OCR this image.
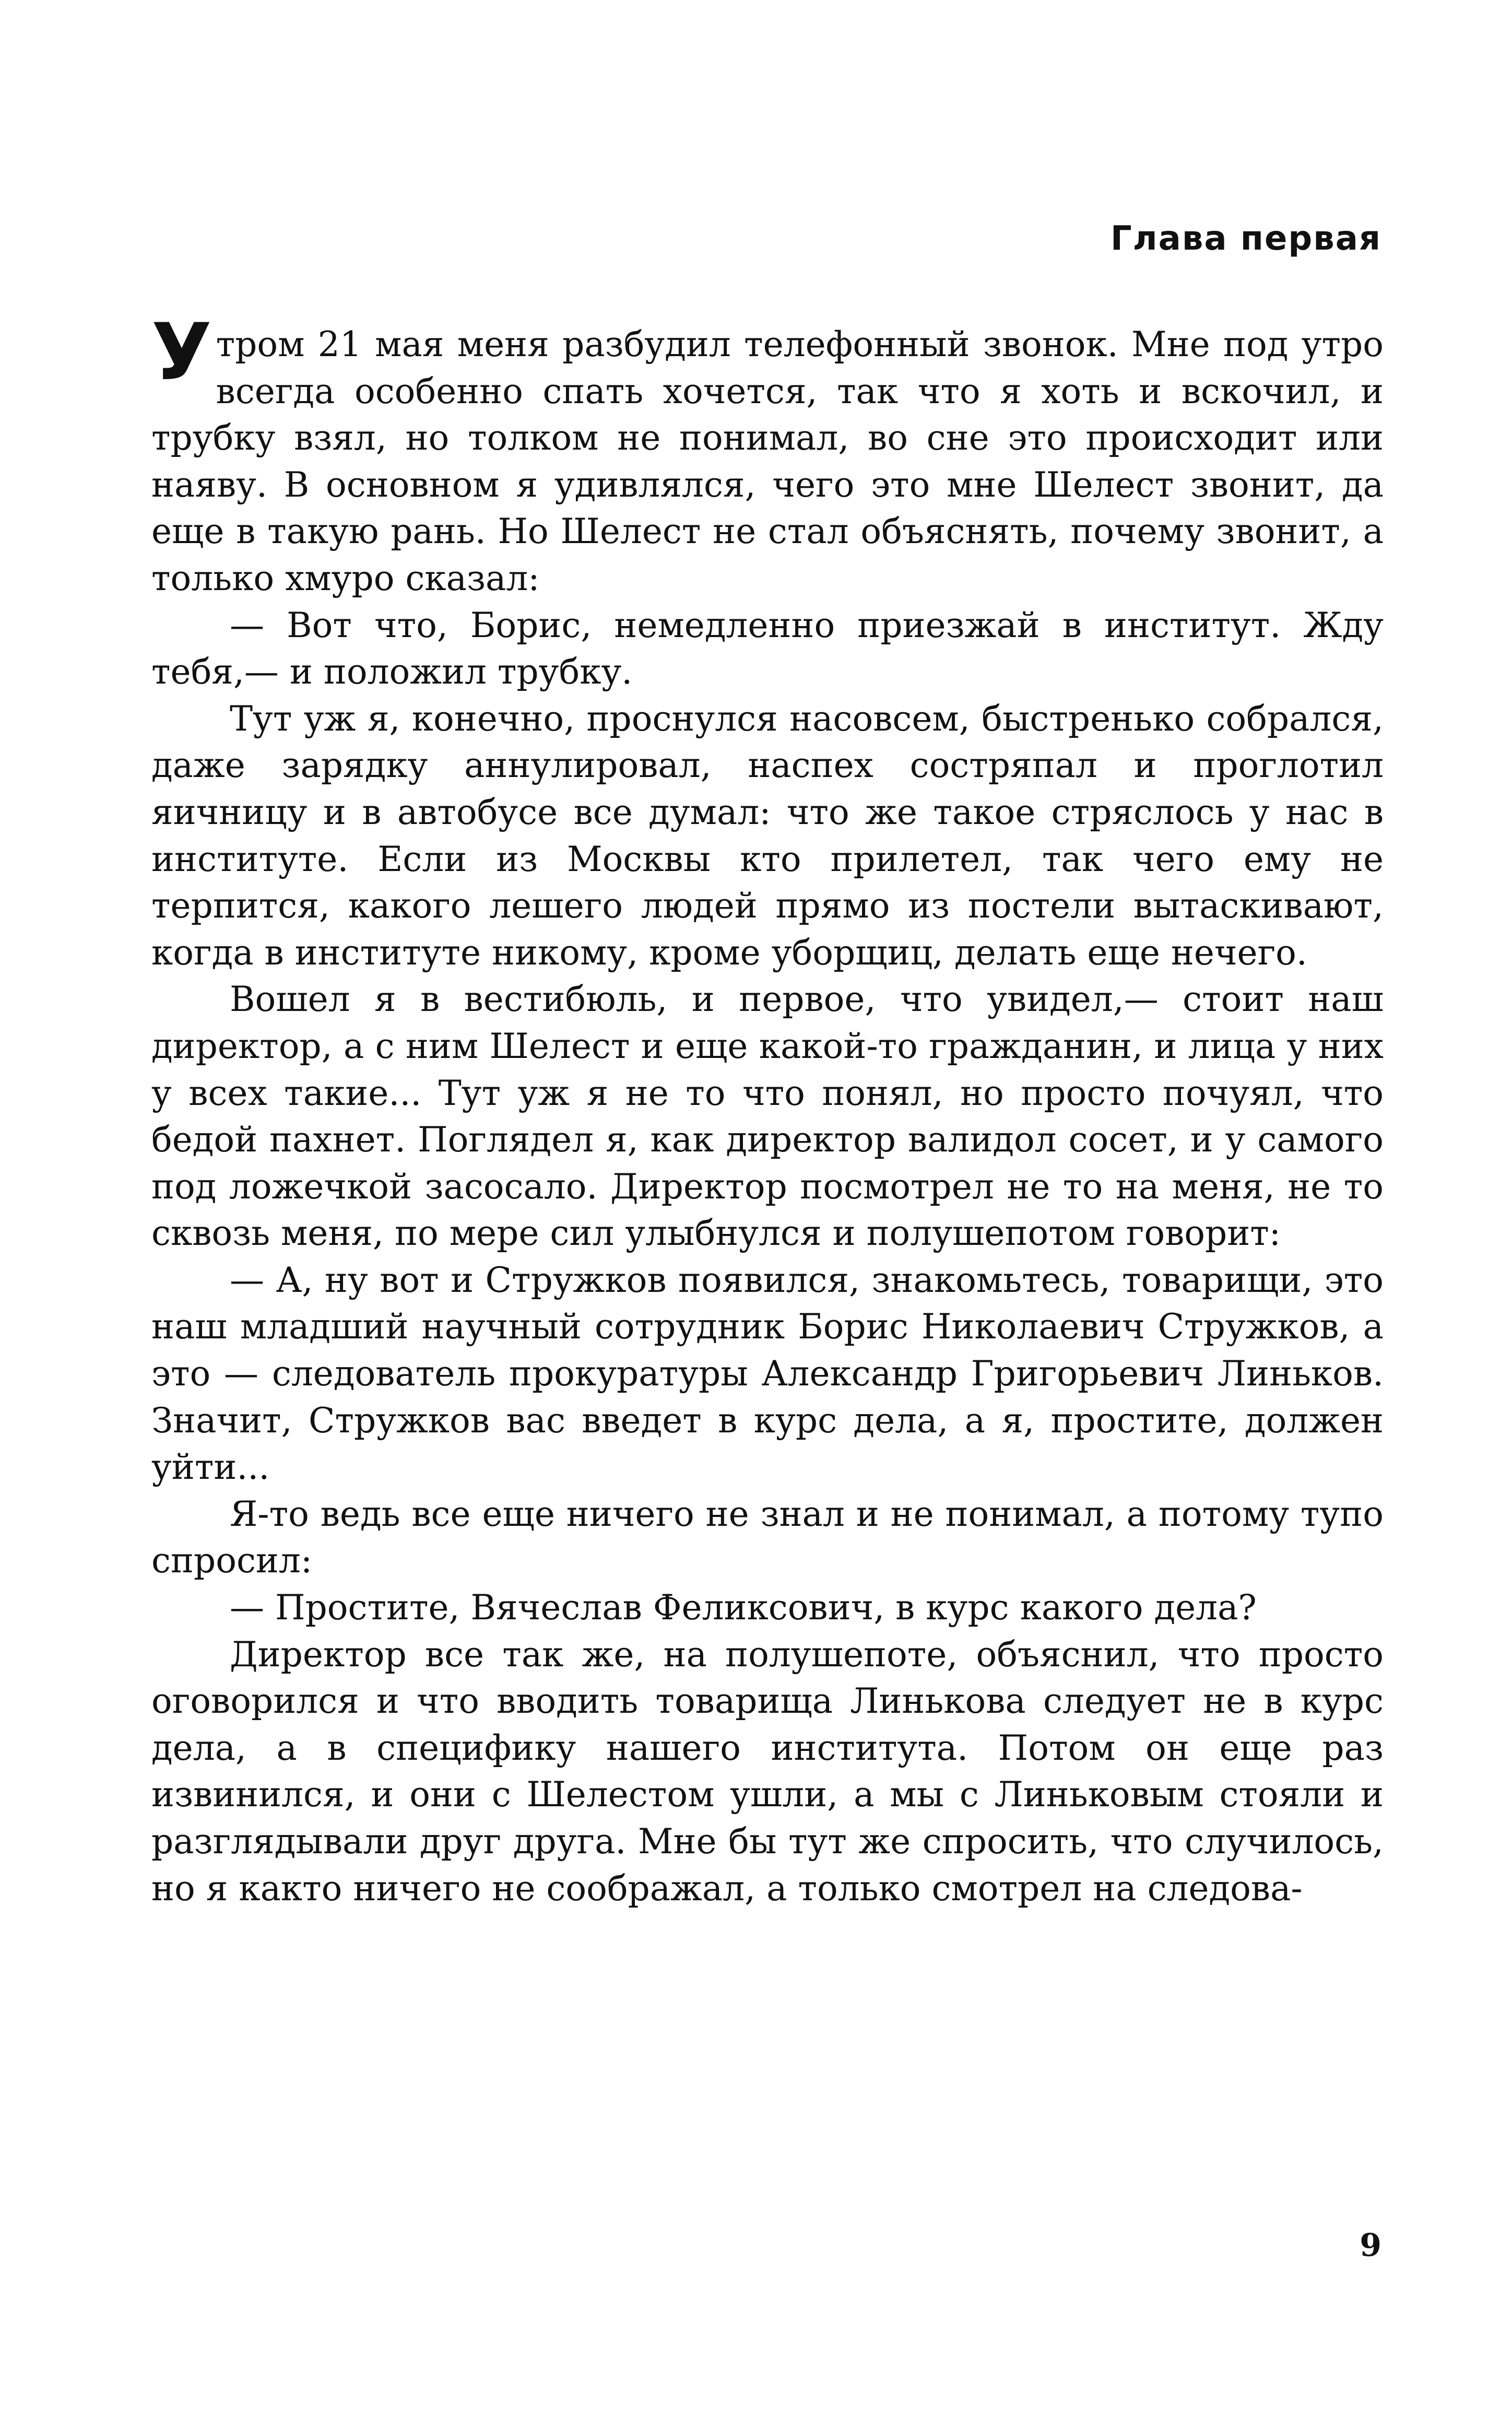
Глава первая

Утром 21 мая меня разбудил телефонный звонок. Мне под утро всегда особенно спать хочется, так что я хоть и вскочил, и трубку взял, но толком не понимал, во сне это происходит или наяву. В основном я удивлялся, чего это мне Шелест звонит, да еще в такую рань. Но Шелест не стал объяснять, почему звонит, а только хмуро сказал:

— Вот что, Борис, немедленно приезжай в институт. Жду тебя,— и положил трубку.

Тут уж я, конечно, проснулся насовсем, быстренько собрался, даже зарядку аннулировал, наспех состряпал и проглотил яичницу и в автобусе все думал: что же такое стряслось у нас в институте. Если из Москвы кто прилетел, так чего ему не терпится, какого лешего людей прямо из постели вытаскивают, когда в институте никому, кроме уборщиц, делать еще нечего.

Вошел я в вестибюль, и первое, что увидел,— стоит наш директор, а с ним Шелест и еще какой-то гражданин, и лица у них у всех такие... Тут уж я не то что понял, но просто почуял, что бедой пахнет. Поглядел я, как директор валидол сосет, и у самого под ложечкой засосало. Директор посмотрел не то на меня, не то сквозь меня, по мере сил улыбнулся и полушепотом говорит:

— А, ну вот и Стружков появился, знакомьтесь, товарищи, это наш младший научный сотрудник Борис Николаевич Стружков, а это — следователь прокуратуры Александр Григорьевич Линьков. Значит, Стружков вас введет в курс дела, а я, простите, должен уйти...

Я-то ведь все еще ничего не знал и не понимал, а потому тупо спросил:

— Простите, Вячеслав Феликсович, в курс какого дела?

Директор все так же, на полушепоте, объяснил, что просто оговорился и что вводить товарища Линькова следует не в курс дела, а в специфику нашего института. Потом он еще раз извинился, и они с Шелестом ушли, а мы с Линьковым стояли и разглядывали друг друга. Мне бы тут же спросить, что случилось, но я както ничего не соображал, а только смотрел на следова-

9
